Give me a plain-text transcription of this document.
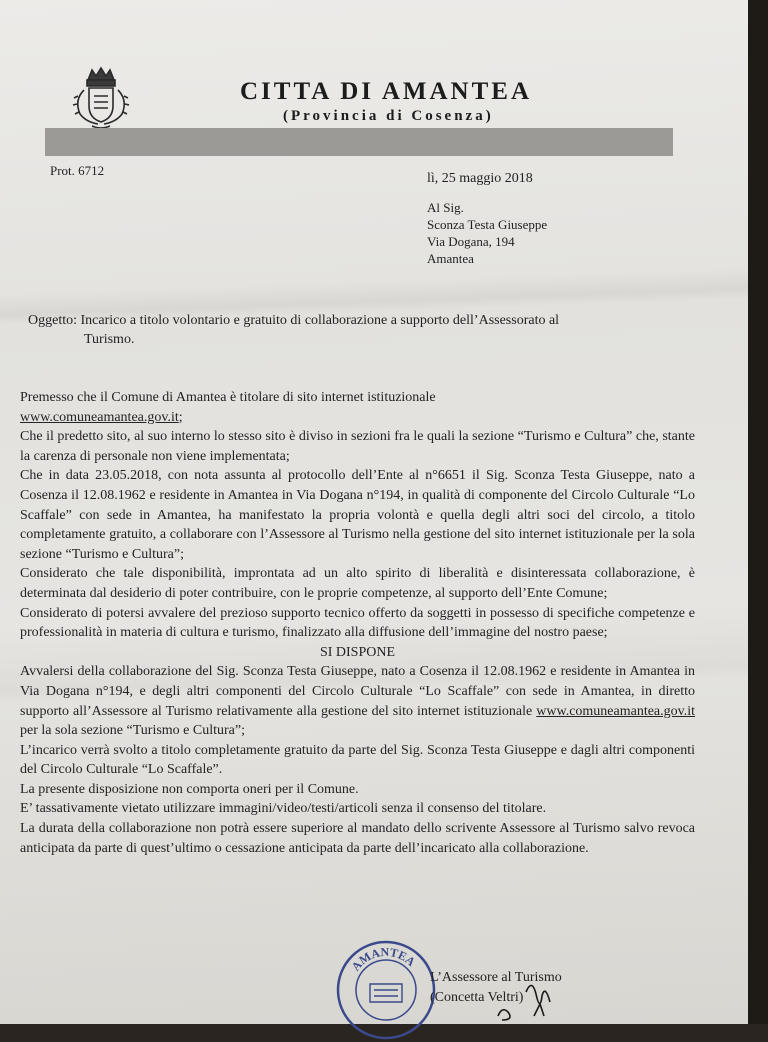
CITTA DI AMANTEA
(Provincia di Cosenza)
Prot. 6712
lì, 25 maggio 2018
Al Sig.
Sconza Testa Giuseppe
Via Dogana, 194
Amantea
Oggetto: Incarico a titolo volontario e gratuito di collaborazione a supporto dell’Assessorato al
Turismo.

Premesso che il Comune di Amantea è titolare di sito internet istituzionale
www.comuneamantea.gov.it;

Che il predetto sito, al suo interno lo stesso sito è diviso in sezioni fra le quali la sezione “Turismo e Cultura” che, stante la carenza di personale non viene implementata;

Che in data 23.05.2018, con nota assunta al protocollo dell’Ente al n°6651 il Sig. Sconza Testa Giuseppe, nato a Cosenza il 12.08.1962 e residente in Amantea in Via Dogana n°194, in qualità di componente del Circolo Culturale “Lo Scaffale” con sede in Amantea, ha manifestato la propria volontà e quella degli altri soci del circolo, a titolo completamente gratuito, a collaborare con l’Assessore al Turismo nella gestione del sito internet istituzionale per la sola sezione “Turismo e Cultura”;

Considerato che tale disponibilità, improntata ad un alto spirito di liberalità e disinteressata collaborazione, è determinata dal desiderio di poter contribuire, con le proprie competenze, al supporto dell’Ente Comune;

Considerato di potersi avvalere del prezioso supporto tecnico offerto da soggetti in possesso di specifiche competenze e professionalità in materia di cultura e turismo, finalizzato alla diffusione dell’immagine del nostro paese;

SI DISPONE

Avvalersi della collaborazione del Sig. Sconza Testa Giuseppe, nato a Cosenza il 12.08.1962 e residente in Amantea in Via Dogana n°194, e degli altri componenti del Circolo Culturale “Lo Scaffale” con sede in Amantea, in diretto supporto all’Assessore al Turismo relativamente alla gestione del sito internet istituzionale www.comuneamantea.gov.it per la sola sezione “Turismo e Cultura”;

L’incarico verrà svolto a titolo completamente gratuito da parte del Sig. Sconza Testa Giuseppe e dagli altri componenti del Circolo Culturale “Lo Scaffale”.

La presente disposizione non comporta oneri per il Comune.

E’ tassativamente vietato utilizzare immagini/video/testi/articoli senza il consenso del titolare.

La durata della collaborazione non potrà essere superiore al mandato dello scrivente Assessore al Turismo salvo revoca anticipata da parte di quest’ultimo o cessazione anticipata da parte dell’incaricato alla collaborazione.

AMANTEA
L’Assessore al Turismo
(Concetta Veltri)
